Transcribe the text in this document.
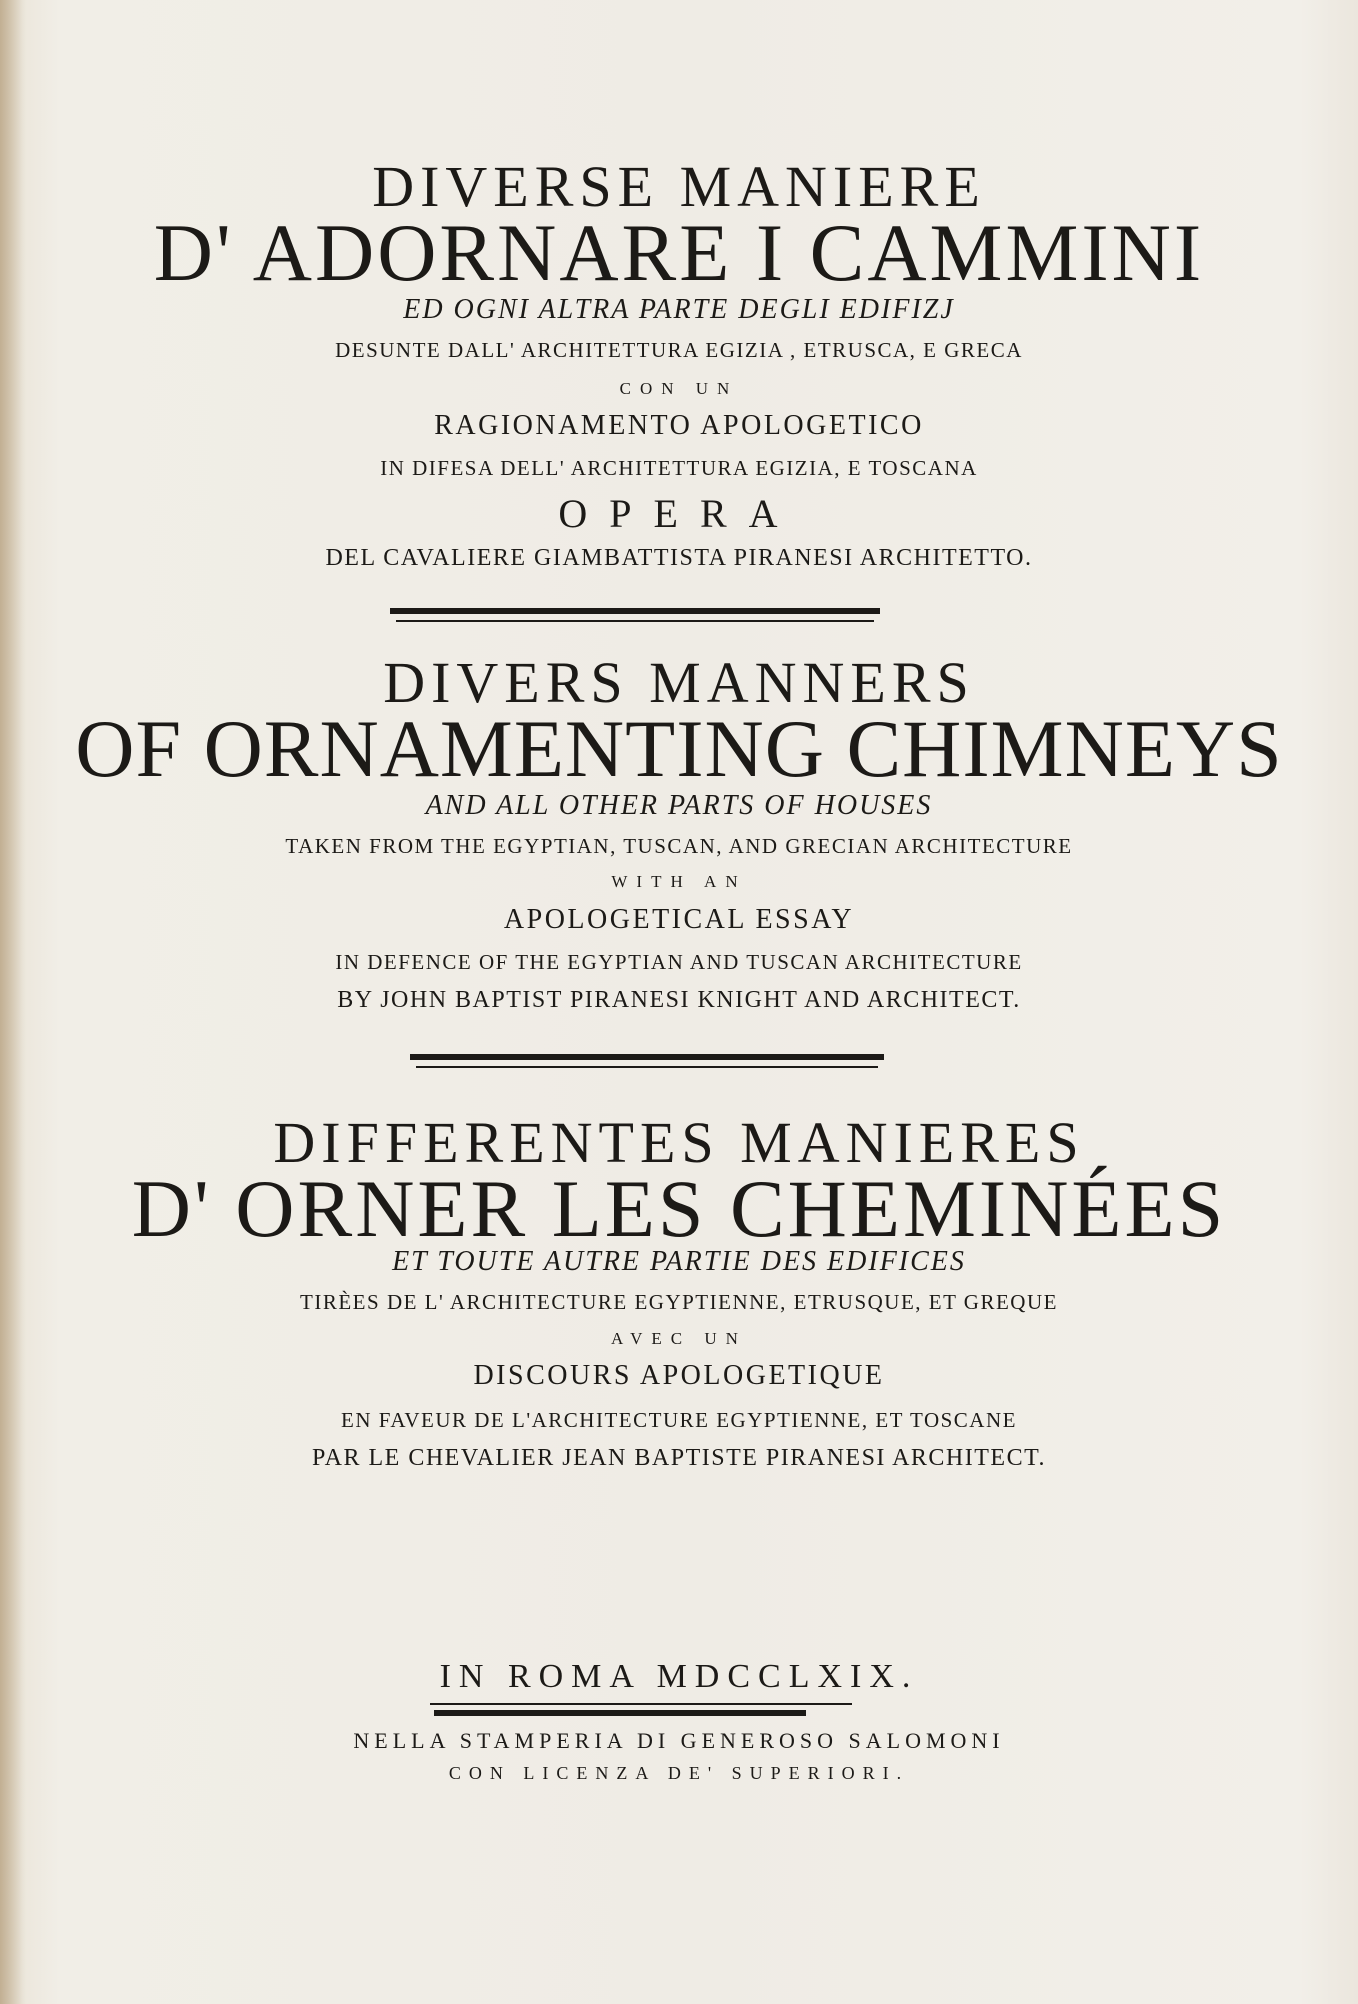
DIVERSE MANIERE

D' ADORNARE I CAMMINI

ED OGNI ALTRA PARTE DEGLI EDIFIZJ

DESUNTE DALL' ARCHITETTURA EGIZIA , ETRUSCA, E GRECA

CON UN

RAGIONAMENTO APOLOGETICO

IN DIFESA DELL' ARCHITETTURA EGIZIA, E TOSCANA

OPERA

DEL CAVALIERE GIAMBATTISTA PIRANESI ARCHITETTO.

DIVERS MANNERS

OF ORNAMENTING CHIMNEYS

AND ALL OTHER PARTS OF HOUSES

TAKEN FROM THE EGYPTIAN, TUSCAN, AND GRECIAN ARCHITECTURE

WITH AN

APOLOGETICAL ESSAY

IN DEFENCE OF THE EGYPTIAN AND TUSCAN ARCHITECTURE

BY JOHN BAPTIST PIRANESI KNIGHT AND ARCHITECT.

DIFFERENTES MANIERES

D' ORNER LES CHEMINÉES

ET TOUTE AUTRE PARTIE DES EDIFICES

TIRÈES DE L' ARCHITECTURE EGYPTIENNE, ETRUSQUE, ET GREQUE

AVEC UN

DISCOURS APOLOGETIQUE

EN FAVEUR DE L'ARCHITECTURE EGYPTIENNE, ET TOSCANE

PAR LE CHEVALIER JEAN BAPTISTE PIRANESI ARCHITECT.

IN ROMA MDCCLXIX.

NELLA STAMPERIA DI GENEROSO SALOMONI

CON LICENZA DE' SUPERIORI.
